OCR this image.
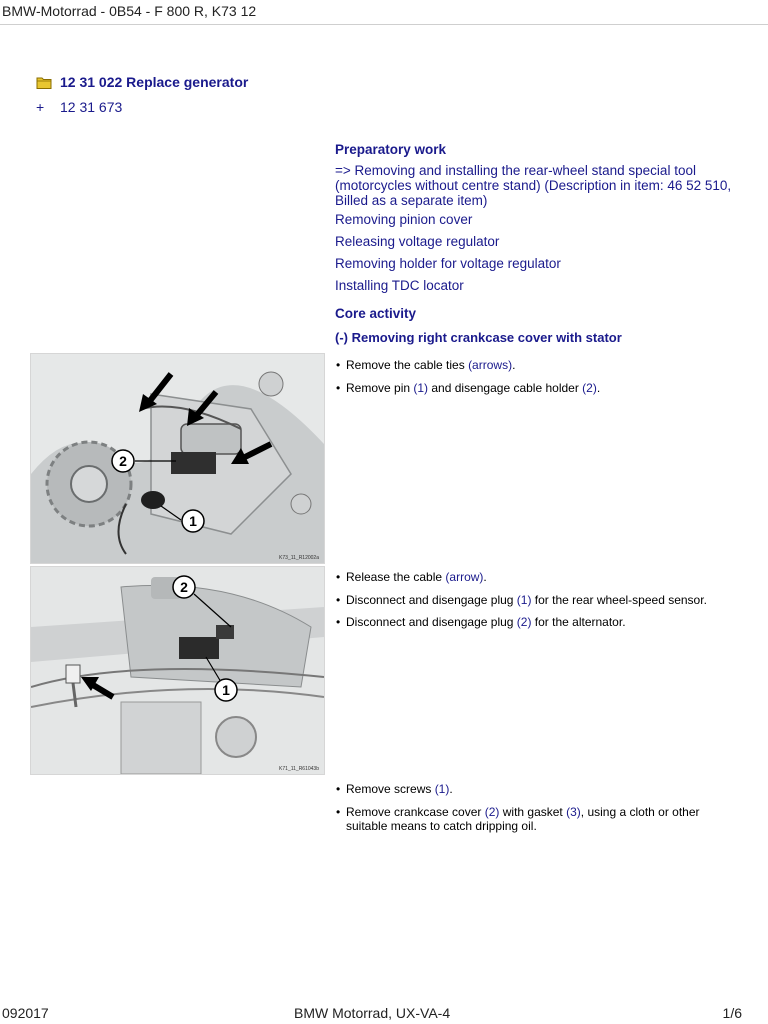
BMW-Motorrad - 0B54 - F 800 R, K73 12
12 31 022 Replace generator
+ 12 31 673
Preparatory work
=> Removing and installing the rear-wheel stand special tool (motorcycles without centre stand) (Description in item: 46 52 510, Billed as a separate item)
Removing pinion cover
Releasing voltage regulator
Removing holder for voltage regulator
Installing TDC locator
Core activity
(-) Removing right crankcase cover with stator
2
1
K73_11_R12002a
• Remove the cable ties (arrows).
• Remove pin (1) and disengage cable holder (2).
2
1
K71_11_R61043b
• Release the cable (arrow).
• Disconnect and disengage plug (1) for the rear wheel-speed sensor.
• Disconnect and disengage plug (2) for the alternator.
• Remove screws (1).
• Remove crankcase cover (2) with gasket (3), using a cloth or other
suitable means to catch dripping oil.
092017	BMW Motorrad, UX-VA-4	1/6
